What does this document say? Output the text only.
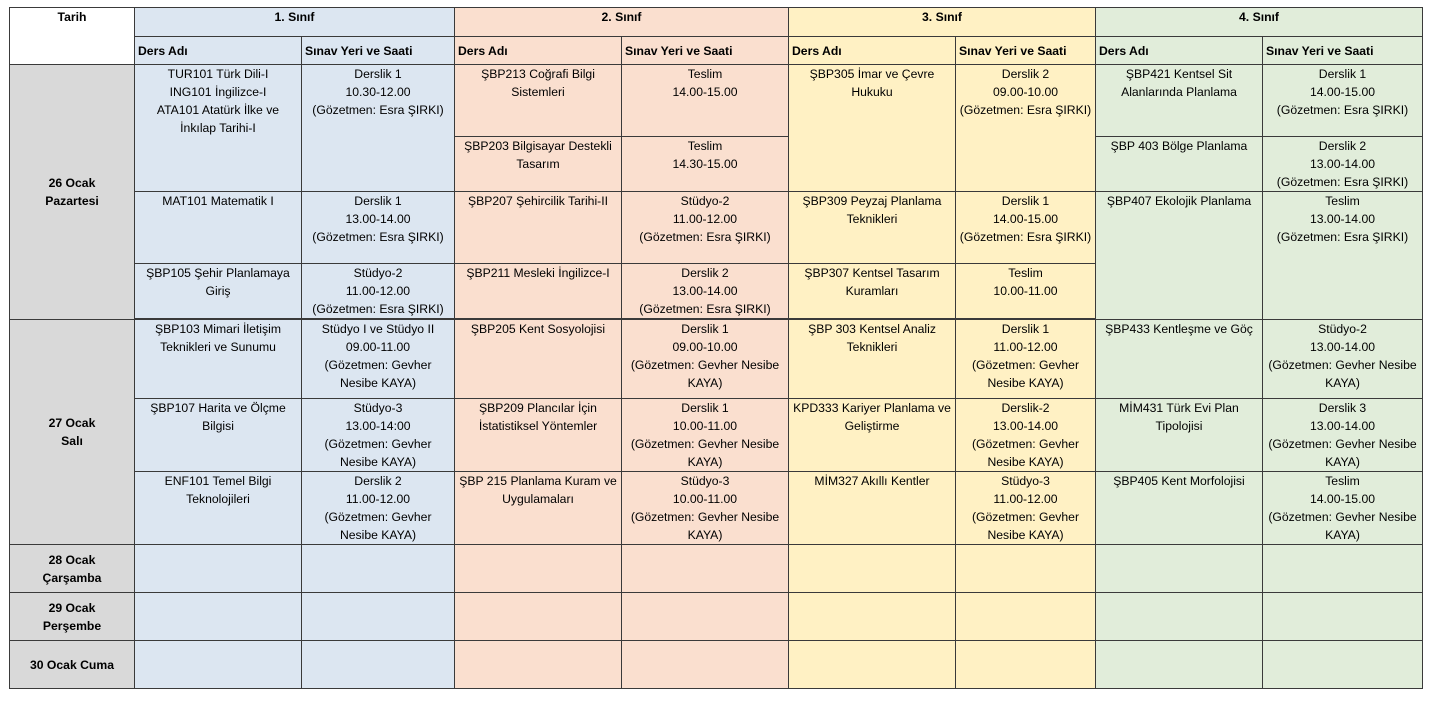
Tarih	1. Sınıf		2. Sınıf		3. Sınıf		4. Sınıf	
	Ders Adı	Sınav Yeri ve Saati	Ders Adı	Sınav Yeri ve Saati	Ders Adı	Sınav Yeri ve Saati	Ders Adı	Sınav Yeri ve Saati

26 Ocak Pazartesi	TUR101 Türk Dili-I
ING101 İngilizce-I
ATA101 Atatürk İlke ve İnkılap Tarihi-I	Derslik 1
10.30-12.00
(Gözetmen: Esra ŞIRKI)	ŞBP213 Coğrafi Bilgi Sistemleri	Teslim
14.00-15.00	ŞBP305 İmar ve Çevre Hukuku	Derslik 2
09.00-10.00
(Gözetmen: Esra ŞIRKI)	ŞBP421 Kentsel Sit Alanlarında Planlama	Derslik 1
14.00-15.00
(Gözetmen: Esra ŞIRKI)
			ŞBP203 Bilgisayar Destekli Tasarım	Teslim
14.30-15.00			ŞBP 403 Bölge Planlama	Derslik 2
13.00-14.00
(Gözetmen: Esra ŞIRKI)
	MAT101 Matematik I	Derslik 1
13.00-14.00
(Gözetmen: Esra ŞIRKI)	ŞBP207 Şehircilik Tarihi-II	Stüdyo-2
11.00-12.00
(Gözetmen: Esra ŞIRKI)	ŞBP309 Peyzaj Planlama Teknikleri	Derslik 1
14.00-15.00
(Gözetmen: Esra ŞIRKI)	ŞBP407 Ekolojik Planlama	Teslim
13.00-14.00
(Gözetmen: Esra ŞIRKI)
	ŞBP105 Şehir Planlamaya Giriş	Stüdyo-2
11.00-12.00
(Gözetmen: Esra ŞIRKI)	ŞBP211 Mesleki İngilizce-I	Derslik 2
13.00-14.00
(Gözetmen: Esra ŞIRKI)	ŞBP307 Kentsel Tasarım Kuramları	Teslim
10.00-11.00		

27 Ocak Salı	ŞBP103 Mimari İletişim Teknikleri ve Sunumu	Stüdyo I ve Stüdyo II
09.00-11.00
(Gözetmen: Gevher Nesibe KAYA)	ŞBP205 Kent Sosyolojisi	Derslik 1
09.00-10.00
(Gözetmen: Gevher Nesibe KAYA)	ŞBP 303 Kentsel Analiz Teknikleri	Derslik 1
11.00-12.00
(Gözetmen: Gevher Nesibe KAYA)	ŞBP433 Kentleşme ve Göç	Stüdyo-2
13.00-14.00
(Gözetmen: Gevher Nesibe KAYA)
	ŞBP107 Harita ve Ölçme Bilgisi	Stüdyo-3
13.00-14:00
(Gözetmen: Gevher Nesibe KAYA)	ŞBP209 Plancılar İçin İstatistiksel Yöntemler	Derslik 1
10.00-11.00
(Gözetmen: Gevher Nesibe KAYA)	KPD333 Kariyer Planlama ve Geliştirme	Derslik-2
13.00-14.00
(Gözetmen: Gevher Nesibe KAYA)	MİM431 Türk Evi Plan Tipolojisi	Derslik 3
13.00-14.00
(Gözetmen: Gevher Nesibe KAYA)
	ENF101 Temel Bilgi Teknolojileri	Derslik 2
11.00-12.00
(Gözetmen: Gevher Nesibe KAYA)	ŞBP 215 Planlama Kuram ve Uygulamaları	Stüdyo-3
10.00-11.00
(Gözetmen: Gevher Nesibe KAYA)	MİM327 Akıllı Kentler	Stüdyo-3
11.00-12.00
(Gözetmen: Gevher Nesibe KAYA)	ŞBP405 Kent Morfolojisi	Teslim
14.00-15.00
(Gözetmen: Gevher Nesibe KAYA)

28 Ocak Çarşamba								

29 Ocak Perşembe								

30 Ocak Cuma								
